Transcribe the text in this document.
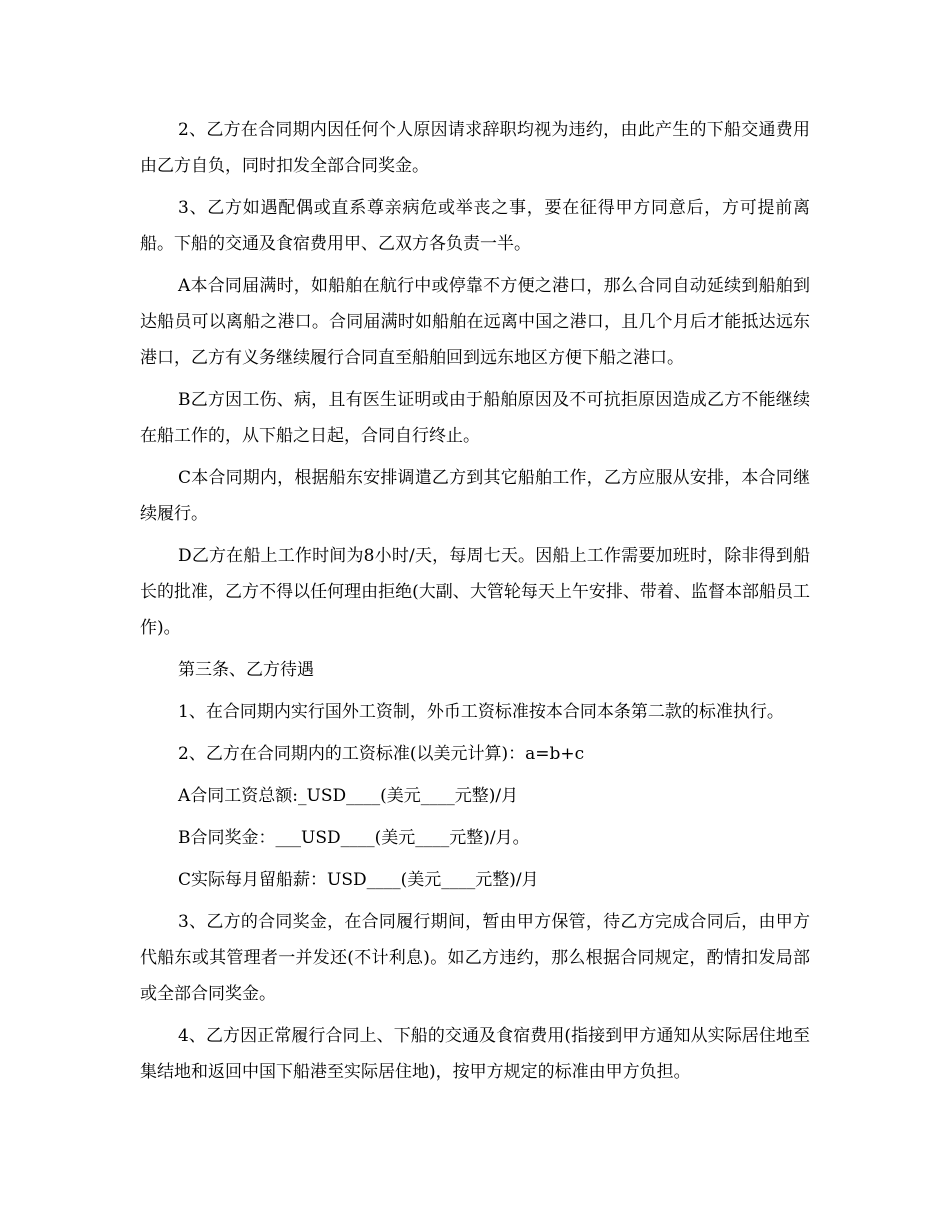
2、乙方在合同期内因任何个人原因请求辞职均视为违约，由此产生的下船交通费用由乙方自负，同时扣发全部合同奖金。

3、乙方如遇配偶或直系尊亲病危或举丧之事，要在征得甲方同意后，方可提前离船。下船的交通及食宿费用甲、乙双方各负责一半。

A本合同届满时，如船舶在航行中或停靠不方便之港口，那么合同自动延续到船舶到达船员可以离船之港口。合同届满时如船舶在远离中国之港口，且几个月后才能抵达远东港口，乙方有义务继续履行合同直至船舶回到远东地区方便下船之港口。

B乙方因工伤、病，且有医生证明或由于船舶原因及不可抗拒原因造成乙方不能继续在船工作的，从下船之日起，合同自行终止。

C本合同期内，根据船东安排调遣乙方到其它船舶工作，乙方应服从安排，本合同继续履行。

D乙方在船上工作时间为8小时/天，每周七天。因船上工作需要加班时，除非得到船长的批准，乙方不得以任何理由拒绝(大副、大管轮每天上午安排、带着、监督本部船员工作)。

第三条、乙方待遇

1、在合同期内实行国外工资制，外币工资标准按本合同本条第二款的标准执行。

2、乙方在合同期内的工资标准(以美元计算)：a=b+c

A合同工资总额:_USD____(美元____元整)/月

B合同奖金：___USD____(美元____元整)/月。

C实际每月留船薪：USD____(美元____元整)/月

3、乙方的合同奖金，在合同履行期间，暂由甲方保管，待乙方完成合同后，由甲方代船东或其管理者一并发还(不计利息)。如乙方违约，那么根据合同规定，酌情扣发局部或全部合同奖金。

4、乙方因正常履行合同上、下船的交通及食宿费用(指接到甲方通知从实际居住地至集结地和返回中国下船港至实际居住地)，按甲方规定的标准由甲方负担。
